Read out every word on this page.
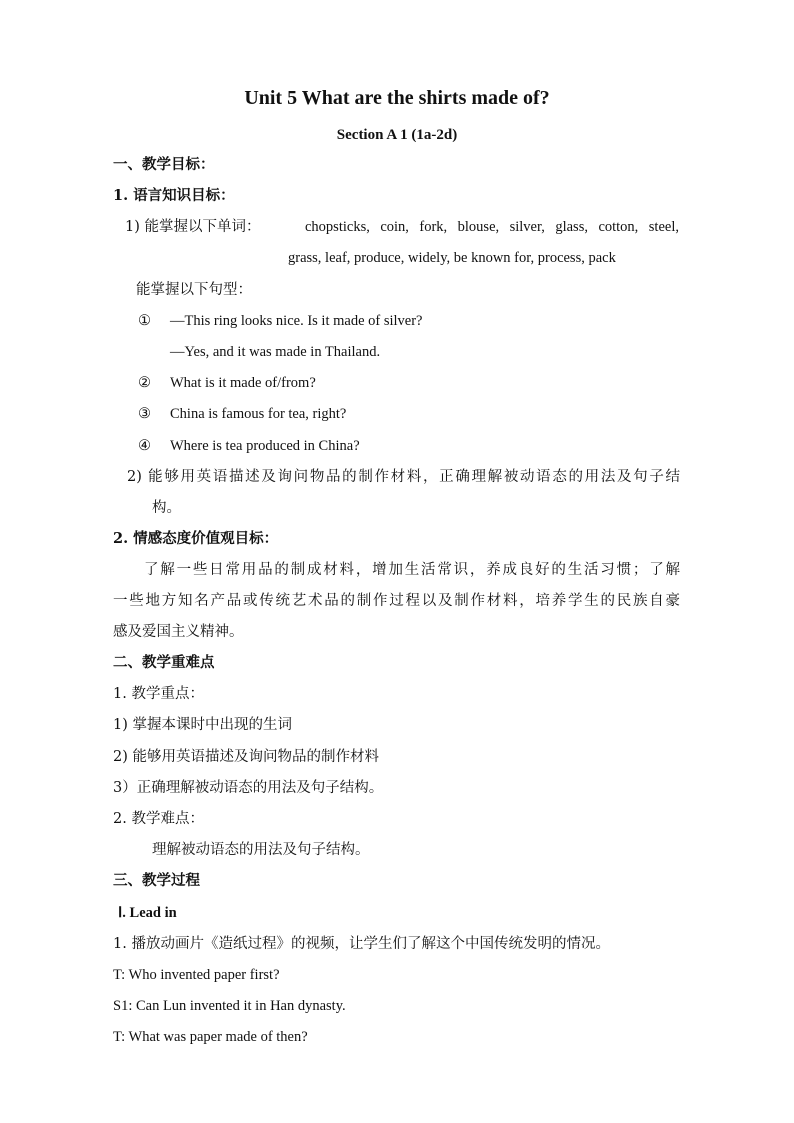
Unit 5 What are the shirts made of?
Section A 1 (1a-2d)
一、教学目标：
1. 语言知识目标：
1) 能掌握以下单词：	chopsticks, coin, fork, blouse, silver, glass, cotton, steel,
grass, leaf, produce, widely, be known for, process, pack
能掌握以下句型：
① —This ring looks nice. Is it made of silver?
—Yes, and it was made in Thailand.
② What is it made of/from?
③ China is famous for tea, right?
④ Where is tea produced in China?
2) 能够用英语描述及询问物品的制作材料，正确理解被动语态的用法及句子结
构。
2. 情感态度价值观目标：
了解一些日常用品的制成材料，增加生活常识，养成良好的生活习惯；了解
一些地方知名产品或传统艺术品的制作过程以及制作材料，培养学生的民族自豪
感及爱国主义精神。
二、教学重难点
1. 教学重点：
1) 掌握本课时中出现的生词
2) 能够用英语描述及询问物品的制作材料
3）正确理解被动语态的用法及句子结构。
2. 教学难点：
理解被动语态的用法及句子结构。
三、教学过程
Ⅰ. Lead in
1. 播放动画片《造纸过程》的视频，让学生们了解这个中国传统发明的情况。
T: Who invented paper first?
S1: Can Lun invented it in Han dynasty.
T: What was paper made of then?
